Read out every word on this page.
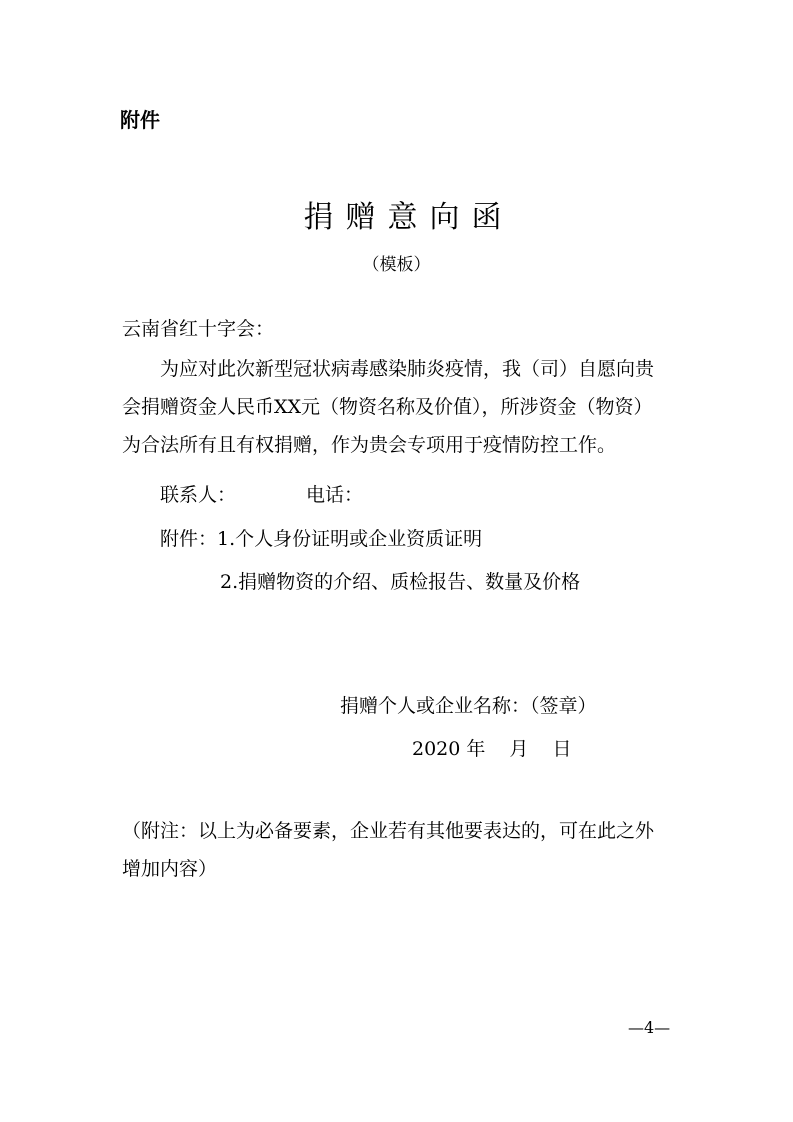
附件
捐赠意向函
（模板）
云南省红十字会：
为应对此次新型冠状病毒感染肺炎疫情，我（司）自愿向贵
会捐赠资金人民币XX元（物资名称及价值），所涉资金（物资）
为合法所有且有权捐赠，作为贵会专项用于疫情防控工作。
联系人：	电话：
附件：1.个人身份证明或企业资质证明
2.捐赠物资的介绍、质检报告、数量及价格
捐赠个人或企业名称：（签章）
2020 年 月 日
（附注：以上为必备要素，企业若有其他要表达的，可在此之外
增加内容）
—4—
